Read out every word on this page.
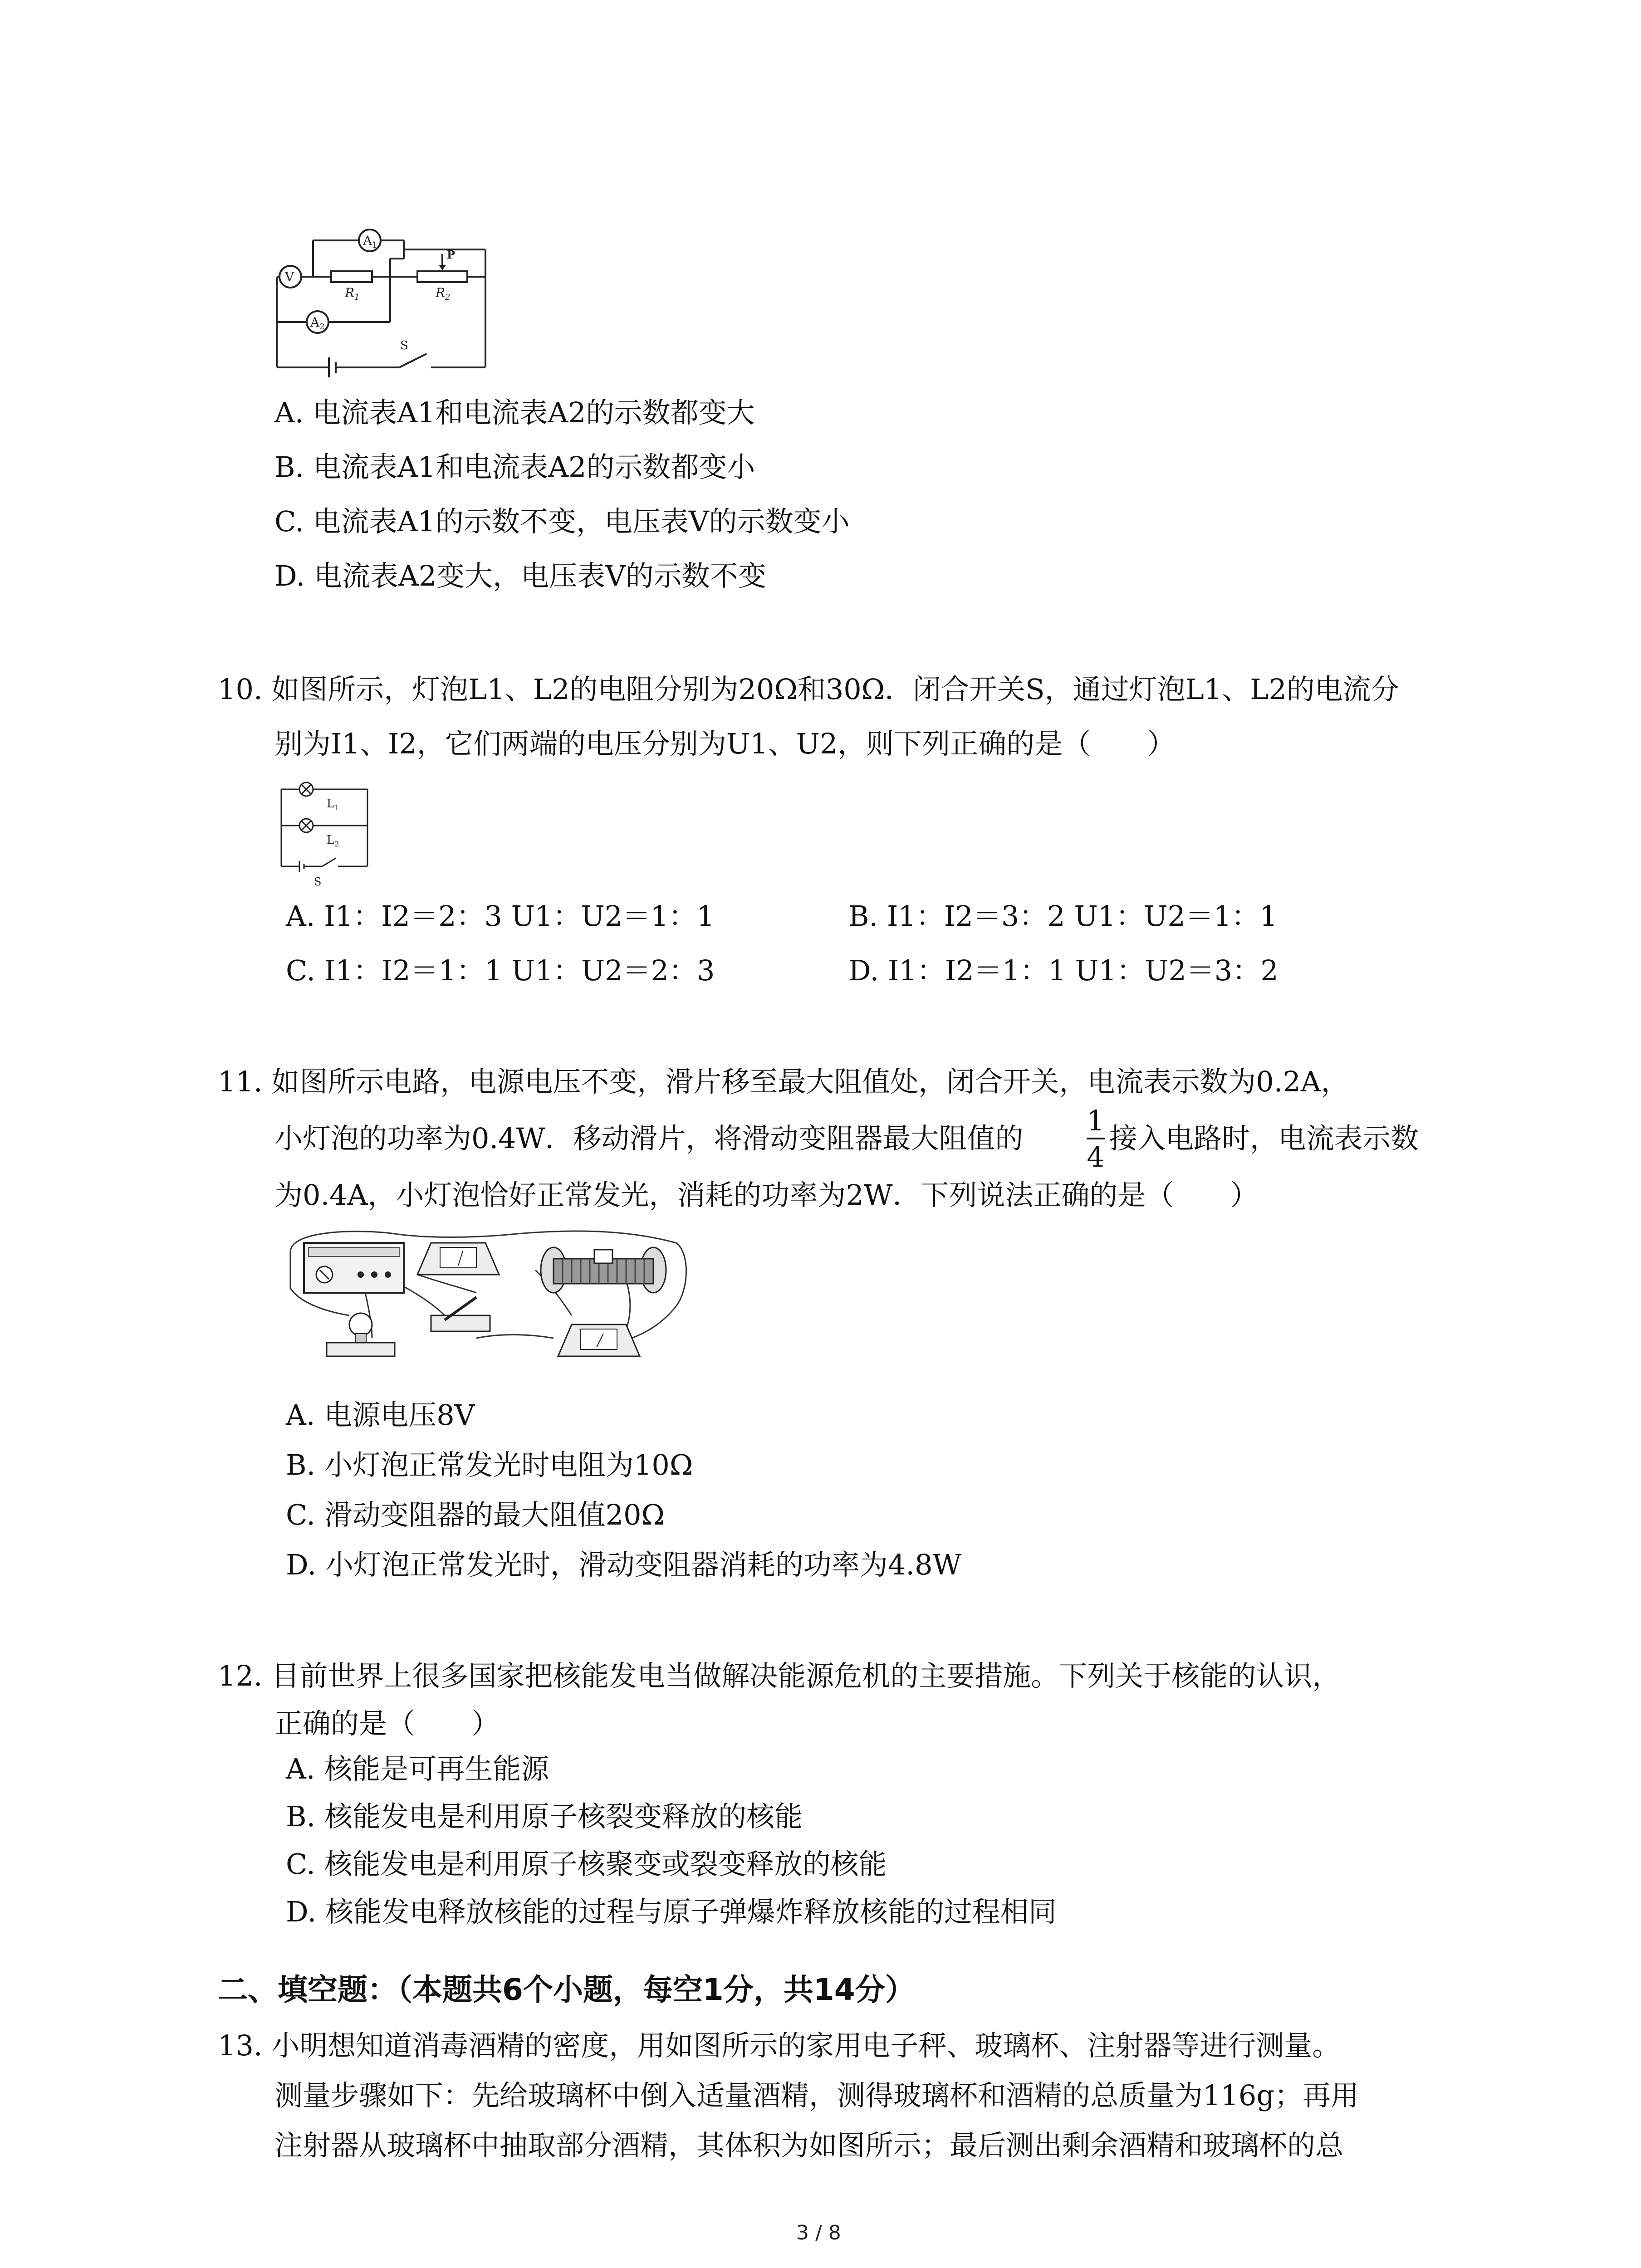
$A_1$
V
$A_2$
$R_1$
P
$R_2$
S
A. 电流表A1和电流表A2的示数都变大
B. 电流表A1和电流表A2的示数都变小
C. 电流表A1的示数不变，电压表V的示数变小
D. 电流表A2变大，电压表V的示数不变
10. 如图所示，灯泡L1、L2的电阻分别为20Ω和30Ω．闭合开关S，通过灯泡L1、L2的电流分
别为I1、I2，它们两端的电压分别为U1、U2，则下列正确的是（　　）
$L_1$
$L_2$
S
A. I1：I2＝2：3 U1：U2＝1：1	B. I1：I2＝3：2 U1：U2＝1：1
C. I1：I2＝1：1 U1：U2＝2：3	D. I1：I2＝1：1 U1：U2＝3：2
11. 如图所示电路，电源电压不变，滑片移至最大阻值处，闭合开关，电流表示数为0.2A，
小灯泡的功率为0.4W．移动滑片，将滑动变阻器最大阻值的
1
4
接入电路时，电流表示数
为0.4A，小灯泡恰好正常发光，消耗的功率为2W．下列说法正确的是（　　）
A. 电源电压8V
B. 小灯泡正常发光时电阻为10Ω
C. 滑动变阻器的最大阻值20Ω
D. 小灯泡正常发光时，滑动变阻器消耗的功率为4.8W
12. 目前世界上很多国家把核能发电当做解决能源危机的主要措施。下列关于核能的认识，
正确的是（　　）
A. 核能是可再生能源
B. 核能发电是利用原子核裂变释放的核能
C. 核能发电是利用原子核聚变或裂变释放的核能
D. 核能发电释放核能的过程与原子弹爆炸释放核能的过程相同
二、填空题：（本题共6个小题，每空1分，共14分）
13. 小明想知道消毒酒精的密度，用如图所示的家用电子秤、玻璃杯、注射器等进行测量。
测量步骤如下：先给玻璃杯中倒入适量酒精，测得玻璃杯和酒精的总质量为116g；再用
注射器从玻璃杯中抽取部分酒精，其体积为如图所示；最后测出剩余酒精和玻璃杯的总
3 / 8
